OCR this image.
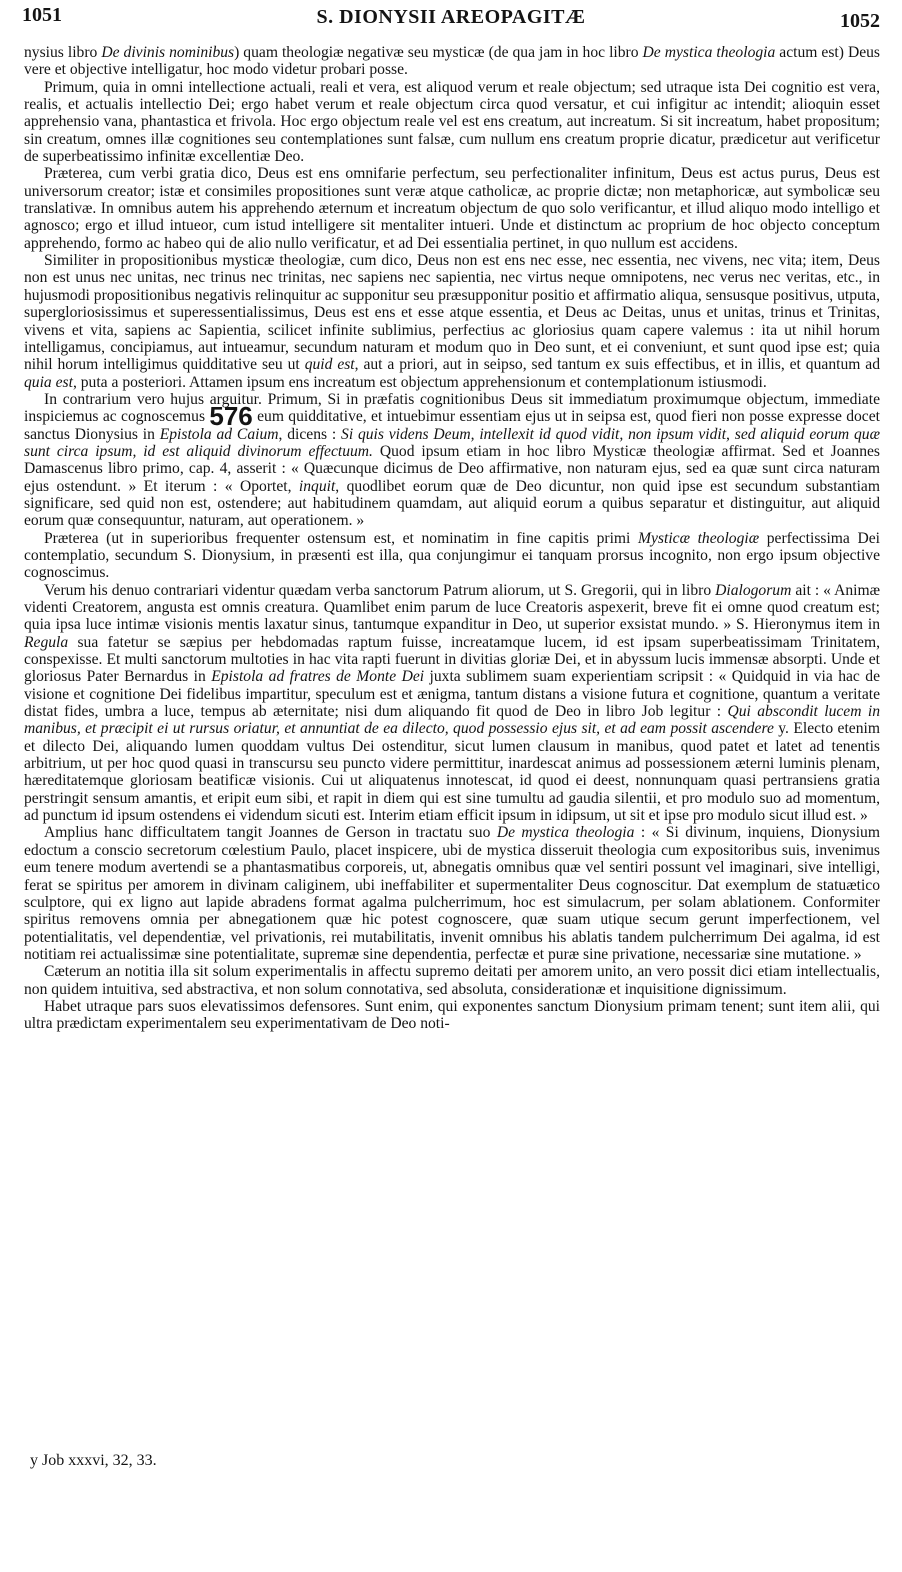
1051	S. DIONYSII AREOPAGITÆ	1052

nysius libro De divinis nominibus) quam theologiæ negativæ seu mysticæ (de qua jam in hoc libro De mystica theologia actum est) Deus vere et objective intelligatur, hoc modo videtur probari posse.

Primum, quia in omni intellectione actuali, reali et vera, est aliquod verum et reale objectum; sed utraque ista Dei cognitio est vera, realis, et actualis intellectio Dei; ergo habet verum et reale objectum circa quod versatur, et cui infigitur ac intendit; alioquin esset apprehensio vana, phantastica et frivola. Hoc ergo objectum reale vel est ens creatum, aut increatum. Si sit increatum, habet propositum; sin creatum, omnes illæ cognitiones seu contemplationes sunt falsæ, cum nullum ens creatum proprie dicatur, prædicetur aut verificetur de superbeatissimo infinitæ excellentiæ Deo.

Præterea, cum verbi gratia dico, Deus est ens omnifarie perfectum, seu perfectionaliter infinitum, Deus est actus purus, Deus est universorum creator; istæ et consimiles propositiones sunt veræ atque catholicæ, ac proprie dictæ; non metaphoricæ, aut symbolicæ seu translativæ. In omnibus autem his apprehendo æternum et increatum objectum de quo solo verificantur, et illud aliquo modo intelligo et agnosco; ergo et illud intueor, cum istud intelligere sit mentaliter intueri. Unde et distinctum ac proprium de hoc objecto conceptum apprehendo, formo ac habeo qui de alio nullo verificatur, et ad Dei essentialia pertinet, in quo nullum est accidens.

Similiter in propositionibus mysticæ theologiæ, cum dico, Deus non est ens nec esse, nec essentia, nec vivens, nec vita; item, Deus non est unus nec unitas, nec trinus nec trinitas, nec sapiens nec sapientia, nec virtus neque omnipotens, nec verus nec veritas, etc., in hujusmodi propositionibus negativis relinquitur ac supponitur seu præsupponitur positio et affirmatio aliqua, sensusque positivus, utputa, supergloriosissimus et superessentialissimus, Deus est ens et esse atque essentia, et Deus ac Deitas, unus et unitas, trinus et Trinitas, vivens et vita, sapiens ac Sapientia, scilicet infinite sublimius, perfectius ac gloriosius quam capere valemus : ita ut nihil horum intelligamus, concipiamus, aut intueamur, secundum naturam et modum quo in Deo sunt, et ei conveniunt, et sunt quod ipse est; quia nihil horum intelligimus quidditative seu ut quid est, aut a priori, aut in seipso, sed tantum ex suis effectibus, et in illis, et quantum ad quia est, puta a posteriori. Attamen ipsum ens increatum est objectum apprehensionum et contemplationum istiusmodi.

In contrarium vero hujus arguitur. Primum, Si in præfatis cognitionibus Deus sit immediatum proximumque objectum, immediate inspiciemus ac cognoscemus 576 eum quidditative, et intuebimur essentiam ejus ut in seipsa est, quod fieri non posse expresse docet sanctus Dionysius in Epistola ad Caium, dicens : Si quis videns Deum, intellexit id quod vidit, non ipsum vidit, sed aliquid eorum quæ sunt circa ipsum, id est aliquid divinorum effectuum. Quod ipsum etiam in hoc libro Mysticæ theologiæ affirmat. Sed et Joannes Damascenus libro primo, cap. 4, asserit : « Quæcunque dicimus de Deo affirmative, non naturam ejus, sed ea quæ sunt circa naturam ejus ostendunt. » Et iterum : « Oportet, inquit, quodlibet eorum quæ de Deo dicuntur, non quid ipse est secundum substantiam significare, sed quid non est, ostendere; aut habitudinem quamdam, aut aliquid eorum a quibus separatur et distinguitur, aut aliquid eorum quæ consequuntur, naturam, aut operationem. »

Præterea (ut in superioribus frequenter ostensum est, et nominatim in fine capitis primi Mysticæ theologiæ perfectissima Dei contemplatio, secundum S. Dionysium, in præsenti est illa, qua conjungimur ei tanquam prorsus incognito, non ergo ipsum objective cognoscimus.

Verum his denuo contrariari videntur quædam verba sanctorum Patrum aliorum, ut S. Gregorii, qui in libro Dialogorum ait : « Animæ videnti Creatorem, angusta est omnis creatura. Quamlibet enim parum de luce Creatoris aspexerit, breve fit ei omne quod creatum est; quia ipsa luce intimæ visionis mentis laxatur sinus, tantumque expanditur in Deo, ut superior exsistat mundo. » S. Hieronymus item in Regula sua fatetur se sæpius per hebdomadas raptum fuisse, increatamque lucem, id est ipsam superbeatissimam Trinitatem, conspexisse. Et multi sanctorum multoties in hac vita rapti fuerunt in divitias gloriæ Dei, et in abyssum lucis immensæ absorpti. Unde et gloriosus Pater Bernardus in Epistola ad fratres de Monte Dei juxta sublimem suam experientiam scripsit : « Quidquid in via hac de visione et cognitione Dei fidelibus impartitur, speculum est et ænigma, tantum distans a visione futura et cognitione, quantum a veritate distat fides, umbra a luce, tempus ab æternitate; nisi dum aliquando fit quod de Deo in libro Job legitur : Qui abscondit lucem in manibus, et præcipit ei ut rursus oriatur, et annuntiat de ea dilecto, quod possessio ejus sit, et ad eam possit ascendere y. Electo etenim et dilecto Dei, aliquando lumen quoddam vultus Dei ostenditur, sicut lumen clausum in manibus, quod patet et latet ad tenentis arbitrium, ut per hoc quod quasi in transcursu seu puncto videre permittitur, inardescat animus ad possessionem æterni luminis plenam, hæreditatemque gloriosam beatificæ visionis. Cui ut aliquatenus innotescat, id quod ei deest, nonnunquam quasi pertransiens gratia perstringit sensum amantis, et eripit eum sibi, et rapit in diem qui est sine tumultu ad gaudia silentii, et pro modulo suo ad momentum, ad punctum id ipsum ostendens ei videndum sicuti est. Interim etiam efficit ipsum in idipsum, ut sit et ipse pro modulo sicut illud est. »

Amplius hanc difficultatem tangit Joannes de Gerson in tractatu suo De mystica theologia : « Si divinum, inquiens, Dionysium edoctum a conscio secretorum cœlestium Paulo, placet inspicere, ubi de mystica disseruit theologia cum expositoribus suis, invenimus eum tenere modum avertendi se a phantasmatibus corporeis, ut, abnegatis omnibus quæ vel sentiri possunt vel imaginari, sive intelligi, ferat se spiritus per amorem in divinam caliginem, ubi ineffabiliter et supermentaliter Deus cognoscitur. Dat exemplum de statuætico sculptore, qui ex ligno aut lapide abradens format agalma pulcherrimum, hoc est simulacrum, per solam ablationem. Conformiter spiritus removens omnia per abnegationem quæ hic potest cognoscere, quæ suam utique secum gerunt imperfectionem, vel potentialitatis, vel dependentiæ, vel privationis, rei mutabilitatis, invenit omnibus his ablatis tandem pulcherrimum Dei agalma, id est notitiam rei actualissimæ sine potentialitate, supremæ sine dependentia, perfectæ et puræ sine privatione, necessariæ sine mutatione. »

Cæterum an notitia illa sit solum experimentalis in affectu supremo deitati per amorem unito, an vero possit dici etiam intellectualis, non quidem intuitiva, sed abstractiva, et non solum connotativa, sed absoluta, considerationæ et inquisitione dignissimum.

Habet utraque pars suos elevatissimos defensores. Sunt enim, qui exponentes sanctum Dionysium primam tenent; sunt item alii, qui ultra prædictam experimentalem seu experimentativam de Deo noti-

y Job xxxvi, 32, 33.
